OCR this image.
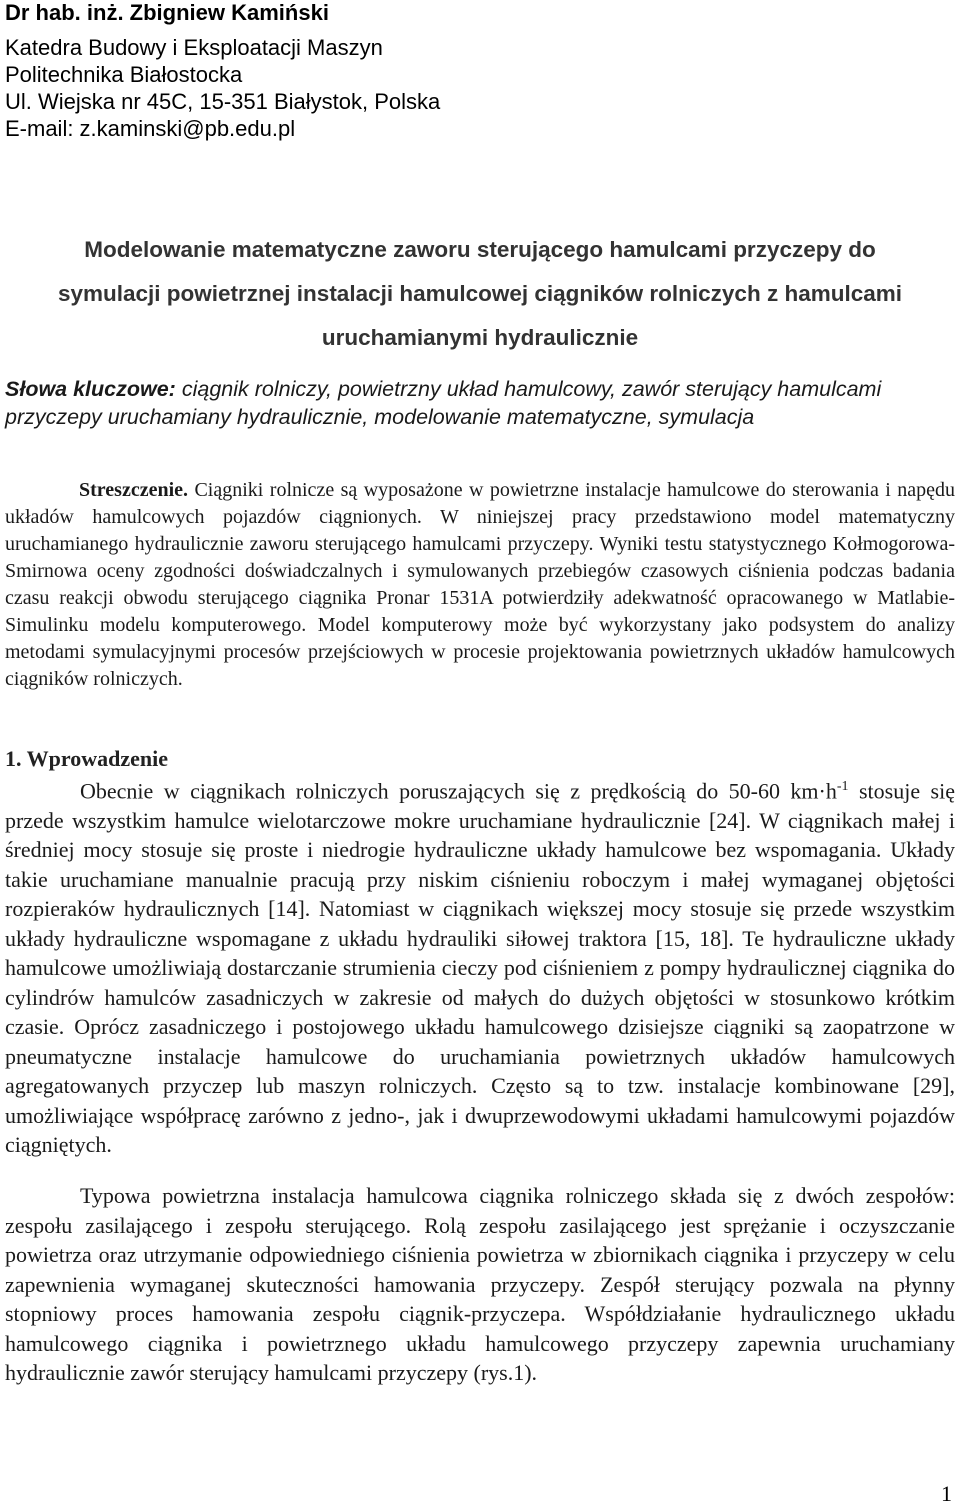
Dr hab. inż. Zbigniew Kamiński

Katedra Budowy i Eksploatacji Maszyn

Politechnika Białostocka

Ul. Wiejska nr 45C, 15-351 Białystok, Polska

E-mail: z.kaminski@pb.edu.pl

Modelowanie matematyczne zaworu sterującego hamulcami przyczepy do

symulacji powietrznej instalacji hamulcowej ciągników rolniczych z hamulcami

uruchamianymi hydraulicznie

Słowa kluczowe: ciągnik rolniczy, powietrzny układ hamulcowy, zawór sterujący hamulcami przyczepy uruchamiany hydraulicznie, modelowanie matematyczne, symulacja
Streszczenie. Ciągniki rolnicze są wyposażone w powietrzne instalacje hamulcowe do sterowania i napędu układów hamulcowych pojazdów ciągnionych. W niniejszej pracy przedstawiono model matematyczny uruchamianego hydraulicznie zaworu sterującego hamulcami przyczepy. Wyniki testu statystycznego Kołmogorowa-Smirnowa oceny zgodności doświadczalnych i symulowanych przebiegów czasowych ciśnienia podczas badania czasu reakcji obwodu sterującego ciągnika Pronar 1531A potwierdziły adekwatność opracowanego w Matlabie-Simulinku modelu komputerowego. Model komputerowy może być wykorzystany jako podsystem do analizy metodami symulacyjnymi procesów przejściowych w procesie projektowania powietrznych układów hamulcowych ciągników rolniczych.
1. Wprowadzenie

Obecnie w ciągnikach rolniczych poruszających się z prędkością do 50-60 $km\cdot h^{-1}$ stosuje się przede wszystkim hamulce wielotarczowe mokre uruchamiane hydraulicznie [24]. W ciągnikach małej i średniej mocy stosuje się proste i niedrogie hydrauliczne układy hamulcowe bez wspomagania. Układy takie uruchamiane manualnie pracują przy niskim ciśnieniu roboczym i małej wymaganej objętości rozpieraków hydraulicznych [14]. Natomiast w ciągnikach większej mocy stosuje się przede wszystkim układy hydrauliczne wspomagane z układu hydrauliki siłowej traktora [15, 18]. Te hydrauliczne układy hamulcowe umożliwiają dostarczanie strumienia cieczy pod ciśnieniem z pompy hydraulicznej ciągnika do cylindrów hamulców zasadniczych w zakresie od małych do dużych objętości w stosunkowo krótkim czasie. Oprócz zasadniczego i postojowego układu hamulcowego dzisiejsze ciągniki są zaopatrzone w pneumatyczne instalacje hamulcowe do uruchamiania powietrznych układów hamulcowych agregatowanych przyczep lub maszyn rolniczych. Często są to tzw. instalacje kombinowane [29], umożliwiające współpracę zarówno z jedno-, jak i dwuprzewodowymi układami hamulcowymi pojazdów ciągniętych.

Typowa powietrzna instalacja hamulcowa ciągnika rolniczego składa się z dwóch zespołów: zespołu zasilającego i zespołu sterującego. Rolą zespołu zasilającego jest sprężanie i oczyszczanie powietrza oraz utrzymanie odpowiedniego ciśnienia powietrza w zbiornikach ciągnika i przyczepy w celu zapewnienia wymaganej skuteczności hamowania przyczepy. Zespół sterujący pozwala na płynny stopniowy proces hamowania zespołu ciągnik-przyczepa. Współdziałanie hydraulicznego układu hamulcowego ciągnika i powietrznego układu hamulcowego przyczepy zapewnia uruchamiany hydraulicznie zawór sterujący hamulcami przyczepy (rys.1).

1
